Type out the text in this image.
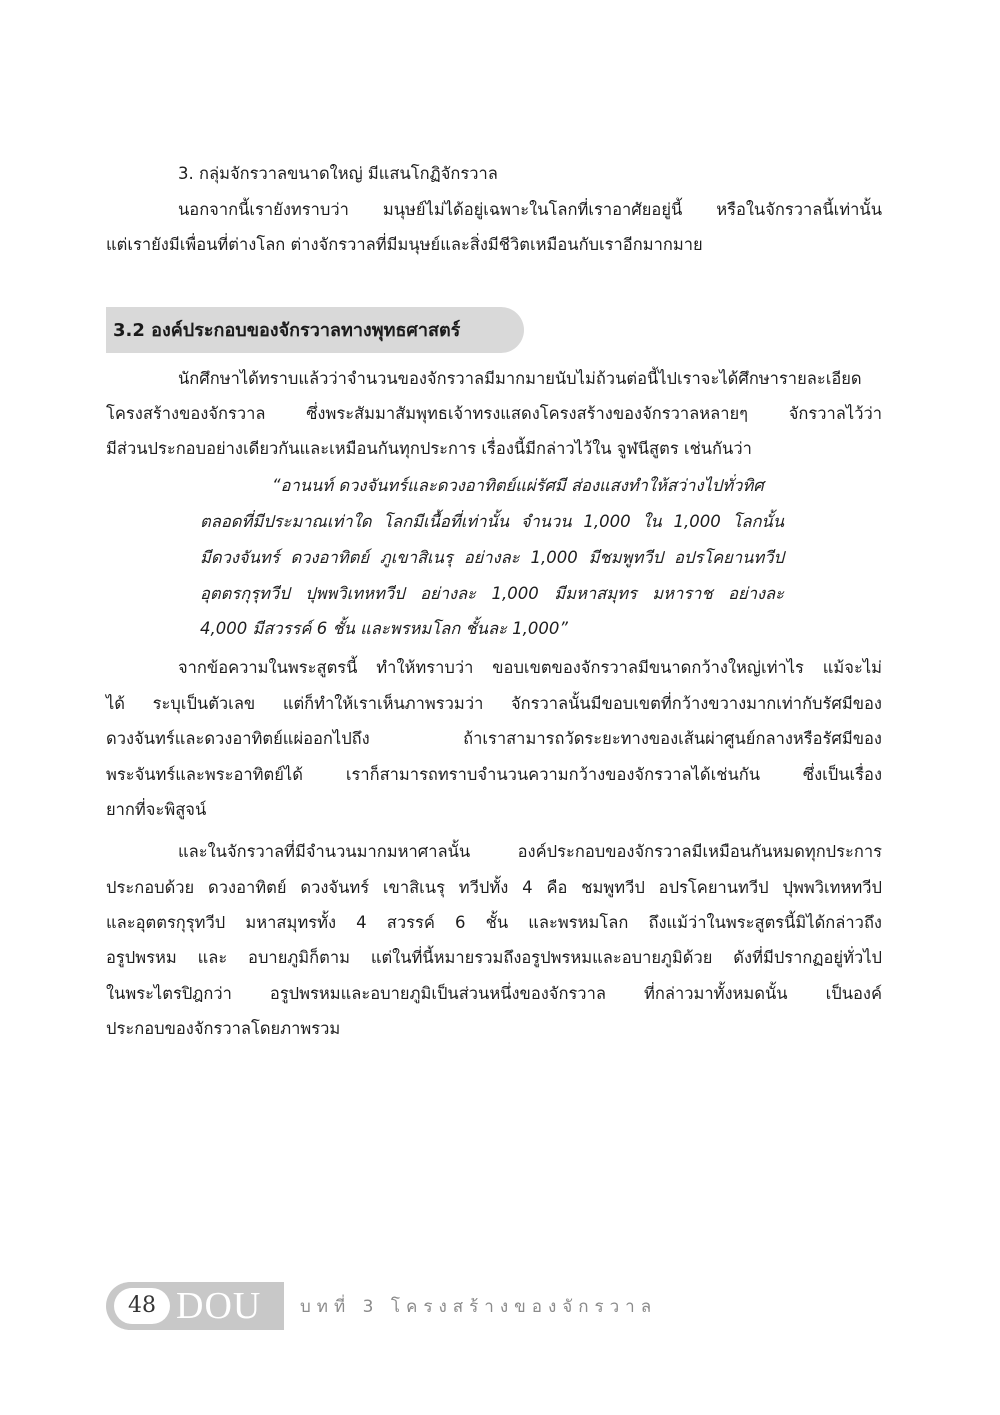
3. กลุ่มจักรวาลขนาดใหญ่ มีแสนโกฏิจักรวาล
นอกจากนี้เรายังทราบว่า มนุษย์ไม่ได้อยู่เฉพาะในโลกที่เราอาศัยอยู่นี้ หรือในจักรวาลนี้เท่านั้น
แต่เรายังมีเพื่อนที่ต่างโลก ต่างจักรวาลที่มีมนุษย์และสิ่งมีชีวิตเหมือนกับเราอีกมากมาย
3.2 องค์ประกอบของจักรวาลทางพุทธศาสตร์
นักศึกษาได้ทราบแล้วว่าจำนวนของจักรวาลมีมากมายนับไม่ถ้วนต่อนี้ไปเราจะได้ศึกษารายละเอียด
โครงสร้างของจักรวาล ซึ่งพระสัมมาสัมพุทธเจ้าทรงแสดงโครงสร้างของจักรวาลหลายๆ จักรวาลไว้ว่า
มีส่วนประกอบอย่างเดียวกันและเหมือนกันทุกประการ เรื่องนี้มีกล่าวไว้ใน จูฬนีสูตร เช่นกันว่า
“อานนท์ ดวงจันทร์และดวงอาทิตย์แผ่รัศมี ส่องแสงทำให้สว่างไปทั่วทิศ
ตลอดที่มีประมาณเท่าใด โลกมีเนื้อที่เท่านั้น จำนวน 1,000 ใน 1,000 โลกนั้น
มีดวงจันทร์ ดวงอาทิตย์ ภูเขาสิเนรุ อย่างละ 1,000 มีชมพูทวีป อปรโคยานทวีป
อุตตรกุรุทวีป ปุพพวิเทหทวีป อย่างละ 1,000 มีมหาสมุทร มหาราช อย่างละ
4,000 มีสวรรค์ 6 ชั้น และพรหมโลก ชั้นละ 1,000”
จากข้อความในพระสูตรนี้ ทำให้ทราบว่า ขอบเขตของจักรวาลมีขนาดกว้างใหญ่เท่าไร แม้จะไม่
ได้ ระบุเป็นตัวเลข แต่ก็ทำให้เราเห็นภาพรวมว่า จักรวาลนั้นมีขอบเขตที่กว้างขวางมากเท่ากับรัศมีของ
ดวงจันทร์และดวงอาทิตย์แผ่ออกไปถึง ถ้าเราสามารถวัดระยะทางของเส้นผ่าศูนย์กลางหรือรัศมีของ
พระจันทร์และพระอาทิตย์ได้ เราก็สามารถทราบจำนวนความกว้างของจักรวาลได้เช่นกัน ซึ่งเป็นเรื่อง
ยากที่จะพิสูจน์
และในจักรวาลที่มีจำนวนมากมหาศาลนั้น องค์ประกอบของจักรวาลมีเหมือนกันหมดทุกประการ
ประกอบด้วย ดวงอาทิตย์ ดวงจันทร์ เขาสิเนรุ ทวีปทั้ง 4 คือ ชมพูทวีป อปรโคยานทวีป ปุพพวิเทหทวีป
และอุตตรกุรุทวีป มหาสมุทรทั้ง 4 สวรรค์ 6 ชั้น และพรหมโลก ถึงแม้ว่าในพระสูตรนี้มิได้กล่าวถึง
อรูปพรหม และ อบายภูมิก็ตาม แต่ในที่นี้หมายรวมถึงอรูปพรหมและอบายภูมิด้วย ดังที่มีปรากฏอยู่ทั่วไป
ในพระไตรปิฎกว่า อรูปพรหมและอบายภูมิเป็นส่วนหนึ่งของจักรวาล ที่กล่าวมาทั้งหมดนั้น เป็นองค์
ประกอบของจักรวาลโดยภาพรวม
48 DOU	บทที่ 3 โครงสร้างของจักรวาล
